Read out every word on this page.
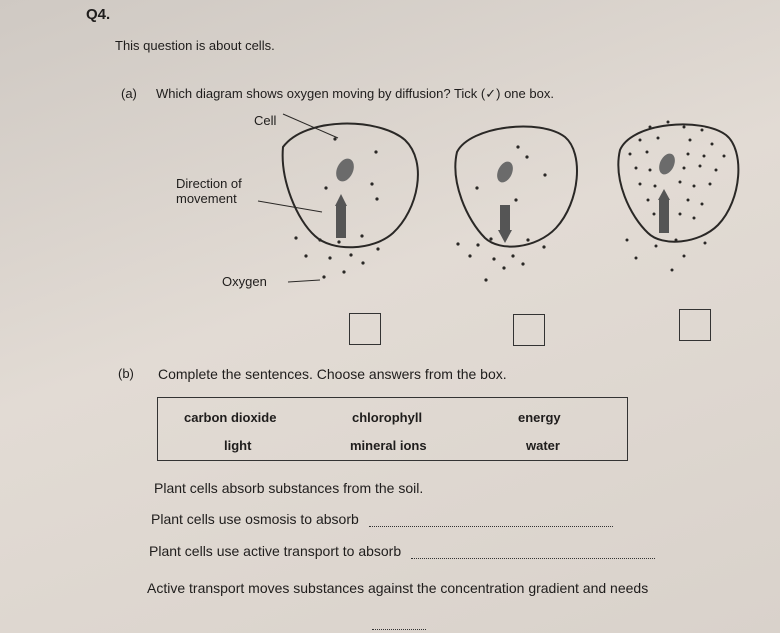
Q4.
This question is about cells.
(a) Which diagram shows oxygen moving by diffusion? Tick (✓) one box.
Cell
Direction of
movement
Oxygen
(b) Complete the sentences. Choose answers from the box.
carbon dioxide	chlorophyll	energy
light	mineral ions	water
Plant cells absorb substances from the soil.
Plant cells use osmosis to absorb
Plant cells use active transport to absorb
Active transport moves substances against the concentration gradient and needs
